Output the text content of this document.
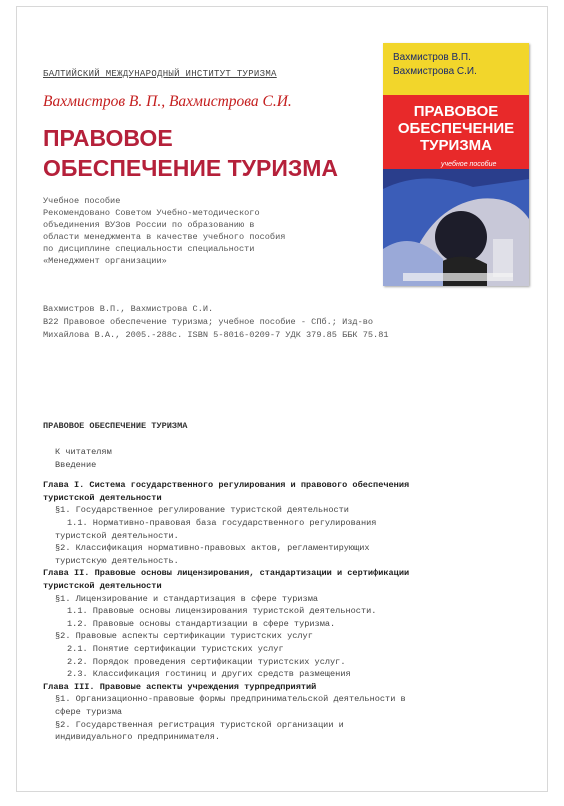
БАЛТИЙСКИЙ МЕЖДУНАРОДНЫЙ ИНСТИТУТ ТУРИЗМА
Вахмистров В. П., Вахмистрова С.И.
ПРАВОВОЕ
ОБЕСПЕЧЕНИЕ ТУРИЗМА
Учебное пособие
Рекомендовано Советом Учебно-методического
объединения ВУЗов России по образованию в
области менеджмента в качестве учебного пособия
по дисциплине специальности специальности
«Менеджмент организации»
Вахмистров В.П.
Вахмистрова С.И.
ПРАВОВОЕ
ОБЕСПЕЧЕНИЕ
ТУРИЗМА
учебное пособие
Вахмистров В.П., Вахмистрова С.И.
В22 Правовое обеспечение туризма; учебное пособие - СПб.; Изд-во
Михайлова В.А., 2005.-288с. ISBN 5-8016-0209-7 УДК 379.85 ББК 75.81
ПРАВОВОЕ ОБЕСПЕЧЕНИЕ ТУРИЗМА
К читателям
Введение
Глава I. Система государственного регулирования и правового обеспечения
туристской деятельности
§1. Государственное регулирование туристской деятельности
1.1. Нормативно-правовая база государственного регулирования
туристской деятельности.
§2. Классификация нормативно-правовых актов, регламентирующих
туристскую деятельность.
Глава II. Правовые основы лицензирования, стандартизации и сертификации
туристской деятельности
§1. Лицензирование и стандартизация в сфере туризма
1.1. Правовые основы лицензирования туристской деятельности.
1.2. Правовые основы стандартизации в сфере туризма.
§2. Правовые аспекты сертификации туристских услуг
2.1. Понятие сертификации туристских услуг
2.2. Порядок проведения сертификации туристских услуг.
2.3. Классификация гостиниц и других средств размещения
Глава III. Правовые аспекты учреждения турпредприятий
§1. Организационно-правовые формы предпринимательской деятельности в
сфере туризма
§2. Государственная регистрация туристской организации и
индивидуального предпринимателя.
